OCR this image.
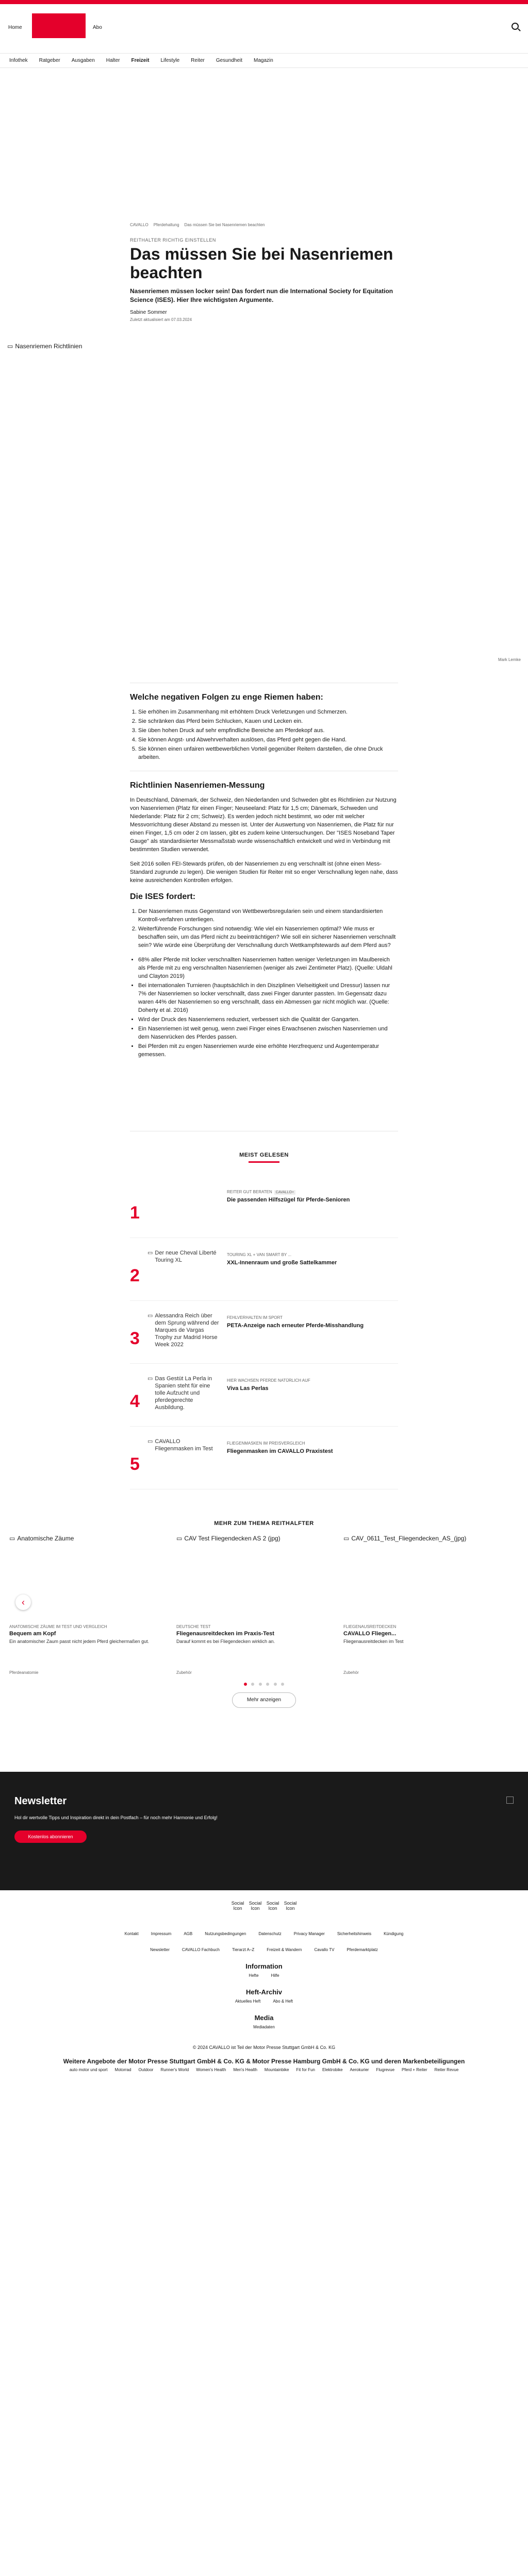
Home	Abo
Infothek Ratgeber Ausgaben Halter Freizeit Lifestyle Reiter Gesundheit Magazin
CAVALLO Pferdehaltung Das müssen Sie bei Nasenriemen beachten
REITHALTER RICHTIG EINSTELLEN
Das müssen Sie bei Nasenriemen beachten

Nasenriemen müssen locker sein! Das fordert nun die International Society for Equitation Science (ISES). Hier Ihre wichtigsten Argumente.

Sabine Sommer
Zuletzt aktualisiert am 07.03.2024
▭ Nasenriemen Richtlinien
Mark Lemke
Welche negativen Folgen zu enge Riemen haben:
1. Sie erhöhen im Zusammenhang mit erhöhtem Druck Verletzungen und Schmerzen.
2. Sie schränken das Pferd beim Schlucken, Kauen und Lecken ein.
3. Sie üben hohen Druck auf sehr empfindliche Bereiche am Pferdekopf aus.
4. Sie können Angst- und Abwehrverhalten auslösen, das Pferd geht gegen die Hand.
5. Sie können einen unfairen wettbewerblichen Vorteil gegenüber Reitern darstellen, die ohne Druck arbeiten.
Richtlinien Nasenriemen-Messung

In Deutschland, Dänemark, der Schweiz, den Niederlanden und Schweden gibt es Richtlinien zur Nutzung von Nasenriemen (Platz für einen Finger; Neuseeland: Platz für 1,5 cm; Dänemark, Schweden und Niederlande: Platz für 2 cm; Schweiz). Es werden jedoch nicht bestimmt, wo oder mit welcher Messvorrichtung dieser Abstand zu messen ist. Unter der Auswertung von Nasenriemen, die Platz für nur einen Finger, 1,5 cm oder 2 cm lassen, gibt es zudem keine Untersuchungen. Der "ISES Noseband Taper Gauge" als standardisierter Messmaßstab wurde wissenschaftlich entwickelt und wird in Verbindung mit bestimmten Studien verwendet.

Seit 2016 sollen FEI-Stewards prüfen, ob der Nasenriemen zu eng verschnallt ist (ohne einen Mess-Standard zugrunde zu legen). Die wenigen Studien für Reiter mit so enger Verschnallung legen nahe, dass keine ausreichenden Kontrollen erfolgen.

Die ISES fordert:
1. Der Nasenriemen muss Gegenstand von Wettbewerbsregularien sein und einem standardisierten Kontroll-verfahren unterliegen.
2. Weiterführende Forschungen sind notwendig: Wie viel ein Nasenriemen optimal? Wie muss er beschaffen sein, um das Pferd nicht zu beeinträchtigen? Wie soll ein sicherer Nasenriemen verschnallt sein? Wie würde eine Überprüfung der Verschnallung durch Wettkampfstewards auf dem Pferd aus?
• 68% aller Pferde mit locker verschnallten Nasenriemen hatten weniger Verletzungen im Maulbereich als Pferde mit zu eng verschnallten Nasenriemen (weniger als zwei Zentimeter Platz). (Quelle: Uldahl und Clayton 2019)
• Bei internationalen Turnieren (hauptsächlich in den Disziplinen Vielseitigkeit und Dressur) lassen nur 7% der Nasenriemen so locker verschnallt, dass zwei Finger darunter passten. Im Gegensatz dazu waren 44% der Nasenriemen so eng verschnallt, dass ein Abmessen gar nicht möglich war. (Quelle: Doherty et al. 2016)
• Wird der Druck des Nasenriemens reduziert, verbessert sich die Qualität der Gangarten.
• Ein Nasenriemen ist weit genug, wenn zwei Finger eines Erwachsenen zwischen Nasenriemen und dem Nasenrücken des Pferdes passen.
• Bei Pferden mit zu engen Nasenriemen wurde eine erhöhte Herzfrequenz und Augentemperatur gemessen.
MEIST GELESEN
1
REITER GUT BERATEN CAVALLO+
Die passenden Hilfszügel für Pferde-Senioren
2
▭ Der neue Cheval Liberté Touring XL
TOURING XL + VAN SMART BY ...
XXL-Innenraum und große Sattelkammer
3
▭ Alessandra Reich über dem Sprung während der Marques de Vargas Trophy zur Madrid Horse Week 2022
FEHLVERHALTEN IM SPORT
PETA-Anzeige nach erneuter Pferde-Misshandlung
4
▭ Das Gestüt La Perla in Spanien steht für eine tolle Aufzucht und pferdegerechte Ausbildung.
HIER WACHSEN PFERDE NATÜRLICH AUF
Viva Las Perlas
5
▭ CAVALLO Fliegenmasken im Test
FLIEGENMASKEN IM PREISVERGLEICH
Fliegenmasken im CAVALLO Praxistest
MEHR ZUM THEMA REITHALFTER
▭ Anatomische Zäume
ANATOMISCHE ZÄUME IM TEST UND VERGLEICH
Bequem am Kopf
Ein anatomischer Zaum passt nicht jedem Pferd gleichermaßen gut.
Pferdeanatomie
▭ CAV Test Fliegendecken AS 2 (jpg)
DEUTSCHE TEST
Fliegenausreitdecken im Praxis-Test
Darauf kommt es bei Fliegendecken wirklich an.
Zubehör
▭ CAV_0611_Test_Fliegendecken_AS_(jpg)
FLIEGENAUSREITDECKEN
CAVALLO Fliegen...
Fliegenausreitdecken im Test
Zubehör
‹

Mehr anzeigen
Newsletter
Hol dir wertvolle Tipps und Inspiration direkt in dein Postfach – für noch mehr Harmonie und Erfolg!
Kostenlos abonnieren
Social Icon
Social Icon
Social Icon
Social Icon
Kontakt	Impressum	AGB	Nutzungsbedingungen	Datenschutz	Privacy Manager	Sicherheitshinweis	Kündigung
Newsletter	CAVALLO Fachbuch	Tierarzt A–Z	Freizeit & Wandern	Cavallo TV	Pferdemarktplatz
Information
Hefte	Hilfe
Heft-Archiv
Aktuelles Heft	Abo & Heft
Media
Mediadaten
© 2024 CAVALLO ist Teil der Motor Presse Stuttgart GmbH & Co. KG
Weitere Angebote der Motor Presse Stuttgart GmbH & Co. KG & Motor Presse Hamburg GmbH & Co. KG und deren Markenbeteiligungen
auto motor und sport Motorrad Outdoor Runner's World Women's Health Men's Health Mountainbike Fit for Fun Elektrobike Aerokurier Flugrevue Pferd + Reiter Reiter Revue
